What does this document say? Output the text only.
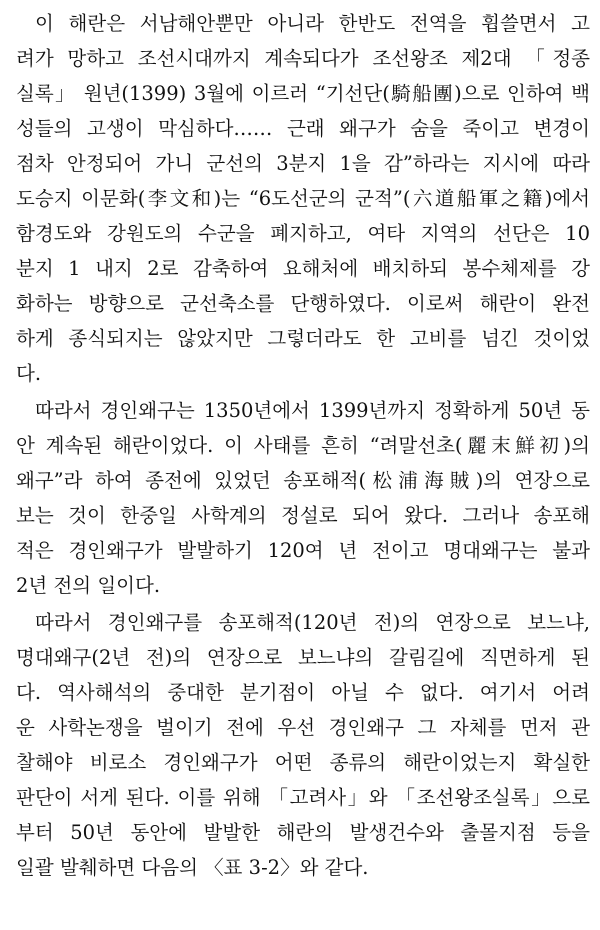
이 해란은 서남해안뿐만 아니라 한반도 전역을 휩쓸면서 고
려가 망하고 조선시대까지 계속되다가 조선왕조 제2대 「정종
실록」 원년(1399) 3월에 이르러 “기선단(騎船團)으로 인하여 백
성들의 고생이 막심하다…… 근래 왜구가 숨을 죽이고 변경이
점차 안정되어 가니 군선의 3분지 1을 감”하라는 지시에 따라
도승지 이문화(李文和)는 “6도선군의 군적”(六道船軍之籍)에서
함경도와 강원도의 수군을 폐지하고, 여타 지역의 선단은 10
분지 1 내지 2로 감축하여 요해처에 배치하되 봉수체제를 강
화하는 방향으로 군선축소를 단행하였다. 이로써 해란이 완전
하게 종식되지는 않았지만 그렇더라도 한 고비를 넘긴 것이었
다.
따라서 경인왜구는 1350년에서 1399년까지 정확하게 50년 동
안 계속된 해란이었다. 이 사태를 흔히 “려말선초(麗末鮮初)의
왜구”라 하여 종전에 있었던 송포해적(松浦海賊)의 연장으로
보는 것이 한중일 사학계의 정설로 되어 왔다. 그러나 송포해
적은 경인왜구가 발발하기 120여 년 전이고 명대왜구는 불과
2년 전의 일이다.
따라서 경인왜구를 송포해적(120년 전)의 연장으로 보느냐,
명대왜구(2년 전)의 연장으로 보느냐의 갈림길에 직면하게 된
다. 역사해석의 중대한 분기점이 아닐 수 없다. 여기서 어려
운 사학논쟁을 벌이기 전에 우선 경인왜구 그 자체를 먼저 관
찰해야 비로소 경인왜구가 어떤 종류의 해란이었는지 확실한
판단이 서게 된다. 이를 위해 「고려사」와 「조선왕조실록」으로
부터 50년 동안에 발발한 해란의 발생건수와 출몰지점 등을
일괄 발췌하면 다음의 〈표 3-2〉와 같다.
